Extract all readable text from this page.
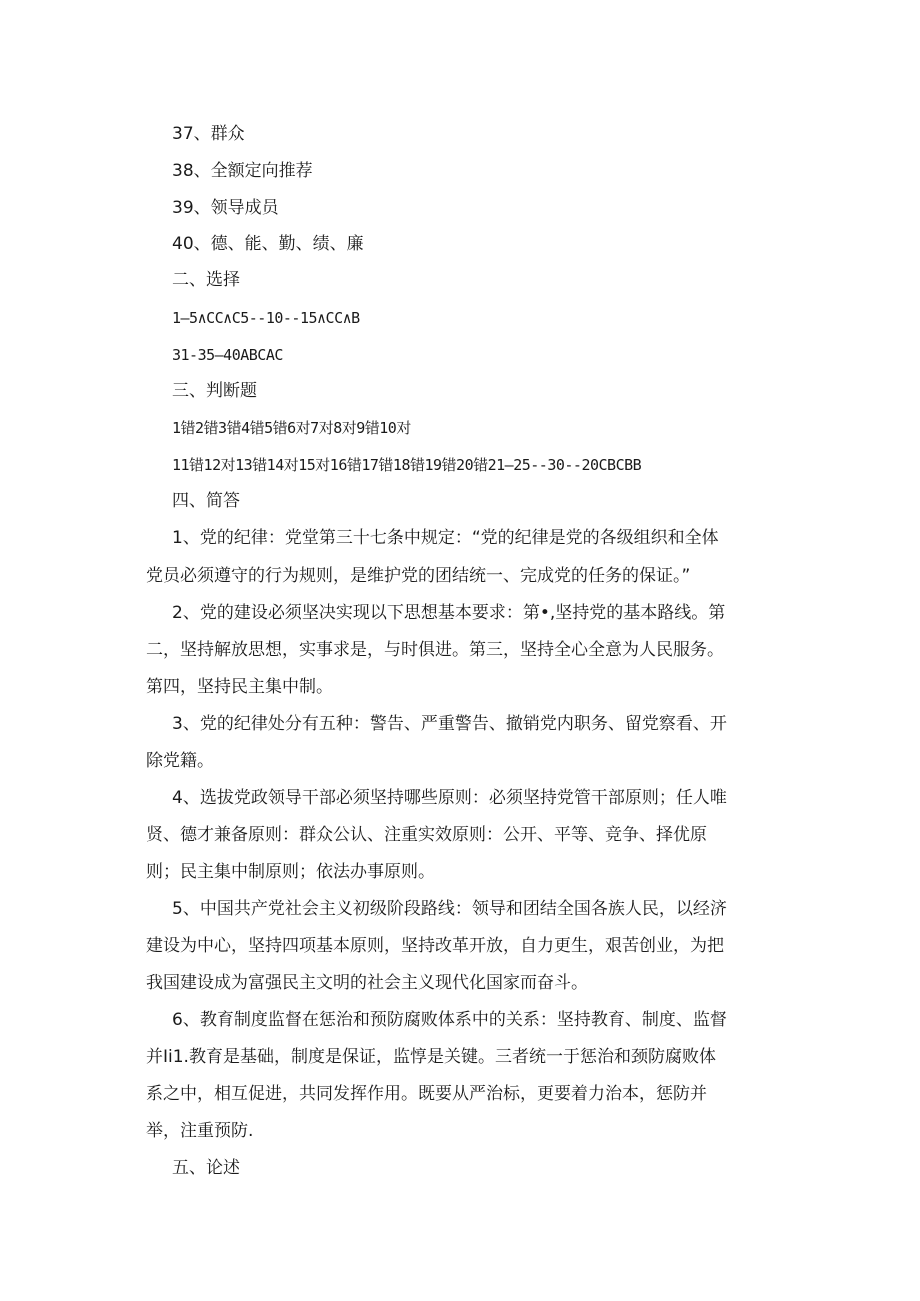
37、群众
38、全额定向推荐
39、领导成员
40、德、能、勤、绩、廉
二、选择
1—5∧CC∧C5--10--15∧CC∧B
31-35—40ABCAC
三、判断题
1错2错3错4错5错6对7对8对9错10对
11错12对13错14对15对16错17错18错19错20错21—25--30--20CBCBB
四、简答
1、党的纪律：党堂第三十七条中规定：“党的纪律是党的各级组织和全体
党员必须遵守的行为规则，是维护党的团结统一、完成党的任务的保证。”
2、党的建设必须坚决实现以下思想基本要求：第•,坚持党的基本路线。第
二，坚持解放思想，实事求是，与时俱进。第三，坚持全心全意为人民服务。
第四，坚持民主集中制。
3、党的纪律处分有五种：警告、严重警告、撤销党内职务、留党察看、开
除党籍。
4、选拔党政领导干部必须坚持哪些原则：必须坚持党管干部原则；任人唯
贤、德才兼备原则：群众公认、注重实效原则：公开、平等、竞争、择优原
则；民主集中制原则；依法办事原则。
5、中国共产党社会主义初级阶段路线：领导和团结全国各族人民，以经济
建设为中心，坚持四项基本原则，坚持改革开放，自力更生，艰苦创业，为把
我国建设成为富强民主文明的社会主义现代化国家而奋斗。
6、教育制度监督在惩治和预防腐败体系中的关系：坚持教育、制度、监督
并Ii1.教育是基础，制度是保证，监惇是关键。三者统一于惩治和颈防腐败体
系之中，相互促进，共同发挥作用。既要从严治标，更要着力治本，惩防并
举，注重预防.
五、论述
